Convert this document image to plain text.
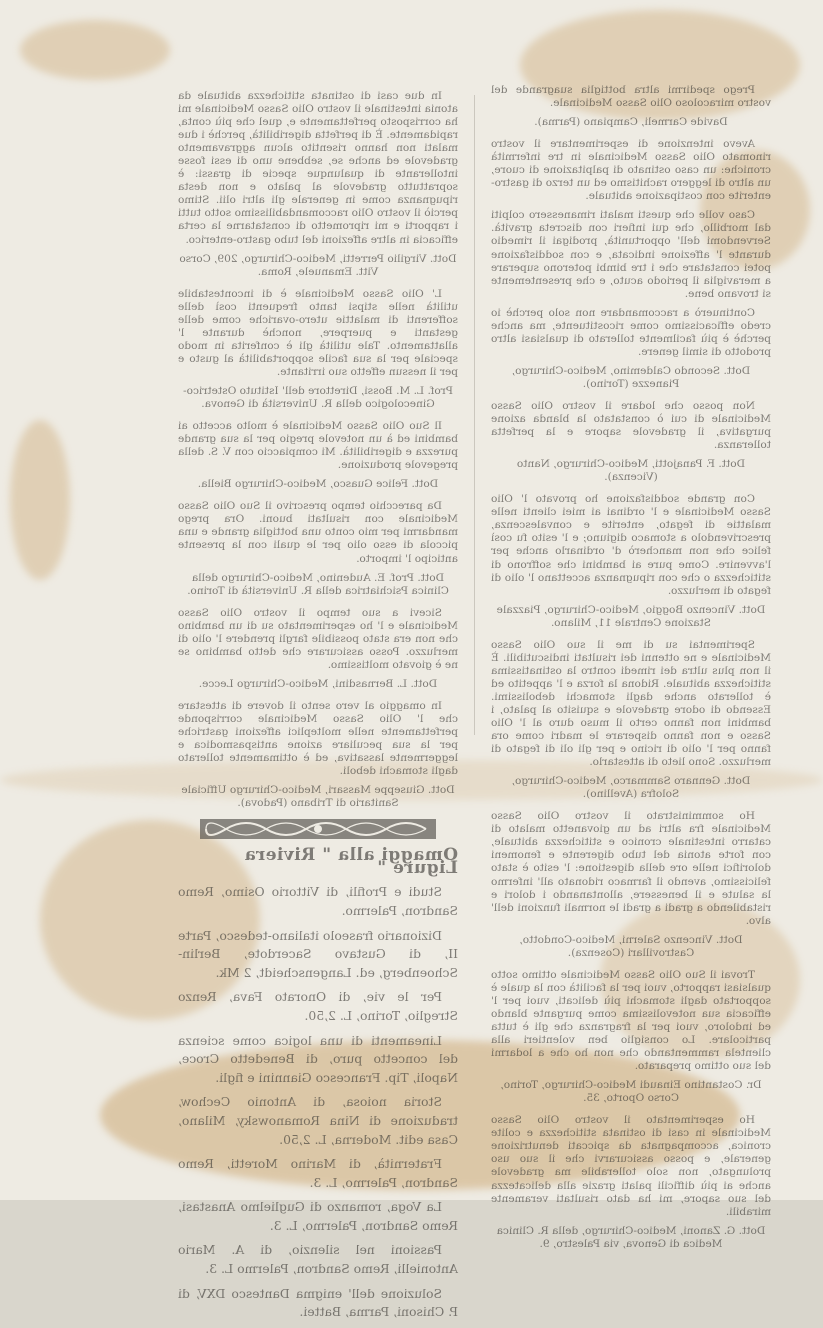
Prego spedirmi altra bottiglia suagrande del vostro miracoloso Olio Sasso Medicinale.

Davide Carmeli, Campiano (Parma).

Avevo intenzione di esperimentare il vostro rinomato Olio Sasso Medicinale in tre infermità croniche: un caso ostinato di palpitazione di cuore, un altro di leggero rachitismo ed un terzo di gastro-enterite con costipazione abituale.

Caso volle che questi malati rimanessero colpiti dal morbillo, che qui infieri con discreta gravità. Servendomi dell' opportunità, prodigai il rimedio durante l' affezione indicata, e con soddisfazione potei constatare che i tre bimbi poterono superare a meraviglia il periodo acuto, e che presentemente si trovano bene.

Continuerò a raccomandare non solo perchè io credo efficacissimo come ricostituente, ma anche perchè è più facilmente tollerato di qualsiasi altro prodotto di simil genere.

Dott. Secondo Caldemino, Medico-Chirurgo, Pianezze (Torino).

Non posso che lodare il vostro Olio Sasso Medicinale di cui ò constatato la blanda azione purgativa, il gradevole sapore e la perfetta tolleranza.

Dott. F. Panajotti, Medico-Chirurgo, Nanto (Vicenza).

Con grande soddisfazione ho provato l' Olio Sasso Medicinale e l' ordinai ai miei clienti nelle malattie di fegato, enterite e convalescenza, prescrivendolo a stomaco digiuno; e l' esito fu così felice che non mancherò d' ordinarlo anche per l'avvenire. Come pure ai bambini che soffrono di stitichezza o che con ripugnanza accettano l' olio di fegato di merluzzo.

Dott. Vincenzo Boggio, Medico-Chirurgo, Piazzale Stazione Centrale 11, Milano.

Sperimentai su di me il suo Olio Sasso Medicinale e ne ottenni dei risultati indiscutibili. È il non plus ultra dei rimedi contro la ostinatissima stitichezza abituale. Ridona la forza e l' appetito ed è tollerato anche dagli stomachi debolissimi. Essendo di odore gradevole e squisito al palato, i bambini non fanno certo il muso duro al l' Olio Sasso e non fanno disperare le madri come ora fanno per l' olio di ricino e per gli oli di fegato di merluzzo. Sono lieto di attestarlo.

Dott. Gennaro Sammarco, Medico-Chirurgo, Solofra (Avellino).

Ho somministrato il vostro Olio Sasso Medicinale fra altri ad un giovanetto malato di catarro intestinale cronico e stitichezza abituale, con forte atonia del tubo digerente e fenomeni dolorifici nelle ore della digestione: l' esito è stato felicissimo, avendo il farmaco ridonato all' infermo la salute e il benessere, allontanando i dolori e ristabilendo a gradi a gradi le normali funzioni dell' alvo.

Dott. Vincenzo Salerni, Medico-Condotto, Castrovillari (Cosenza).

Trovai il Suo Olio Sasso Medicinale ottimo sotto qualsiasi rapporto, vuoi per la facilità con la quale è sopportato dagli stomachi più delicati, vuoi per l' efficacia sua notevolissima come purgante blando ed indoloro, vuoi per la fragranza che gli è tutta particolare. Lo consiglio ben volentieri alla clientela rammentando che non ho che a lodarmi del suo ottimo preparato.

Dr. Costantino Einaudi Medico-Chirurgo, Torino, Corso Oporto, 35.

Ho esperimentato il vostro Olio Sasso Medicinale in casi di ostinata stitichezza e colite cronica, accompagnata da spiccati denutrizione generale, e posso assicurarvi che il suo uso prolungato, non solo tollerabile ma gradevole anche ai più difficili palati grazie alla delicatezza del suo sapore, mi ha dato risultati veramente mirabili.

Dott. G. Zanoni, Medico-Chirurgo, della R. Clinica Medica di Genova, via Palestro, 9.

In due casi di ostinata stitichezza abituale da atonia intestinale il vostro Olio Sasso Medicinale mi ha corrisposto perfettamente e, quel che più conta, rapidamente. È di perfetta digeribilità, perchè i due malati non hanno risentito alcun aggravamento gradevole ed anche se, sebbene uno di essi fosse intollerante di qualunque specie di grassi: è soprattutto gradevole al palato e non desta ripugnanza come in generale gli altri olii. Stimo perciò il vostro Olio raccomandabilissimo sotto tutti i rapporti e mi riprometto di constatarne la certa efficacia in altre affezioni del tubo gastro-enterico.

Dott. Virgilio Perretti, Medico-Chirurgo, 209, Corso Vitt. Emanuele, Roma.

L' Olio Sasso Medicinale è di incontestabile utilità nelle stipsi tanto frequenti così delle sofferenti di malattie utero-ovariche come delle gestanti e puerpere, nonchè durante l' allattamento. Tale utilità gli è conferita in modo speciale per la sua facile sopportabilità al gusto e per il nessun effetto suo irritante.

Prof. L. M. Bossi, Direttore dell' Istituto Ostetrico-Ginecologico della R. Università di Genova.

Il Suo Olio Sasso Medicinale è molto accetto ai bambini ed à un notevole pregio per la sua grande purezza e digeribilità. Mi compiaccio con V. S. della pregevole produzione.

Dott. Felice Guasco, Medico-Chirurgo Biella.

Da parecchio tempo prescrivo il Suo Olio Sasso Medicinale con risultati buoni. Ora prego mandarmi per mio conto una bottiglia grande e una piccola di esso olio per le quali con la presente anticipo l' importo.

Dott. Prof. E. Audenino, Medico-Chirurgo della Clinica Psichiatrica della R. Università di Torino.

Sicevi a suo tempo il vostro Olio Sasso Medicinale e l' ho esperimentato su di un bambino che non era stato possibile fargli prendere l' olio di merluzzo. Posso assicurare che detto bambino se ne è giovato moltissimo.

Dott. L. Bernasdini, Medico-Chirurgo Lecce.

In omaggio al vero sento il dovere di attestare che l' Olio Sasso Medicinale corrisponde perfettamente nelle molteplici affezioni gastriche per la sua peculiare azione antispasmodica e leggermente lassativa, ed è ottimamente tollerato dagli stomachi deboli.

Dott. Giuseppe Massari, Medico-Chirurgo Ufficiale Sanitario di Tribano (Padova).

Omaggi alla " Riviera Ligure "

Studi e Profili, di Vittorio Osimo, Remo Sandron, Palermo.

Dizionario fraseolo italiano-tedesco, Parte II, di Gustavo Sacerdote, Berlin-Schoenberg, ed. Langenscheidt, 2 Mk.

Per le vie, di Onorato Fava, Renzo Streglio, Torino, L. 2,50.

Lineamenti di una logica come scienza del concetto puro, di Benedetto Croce, Napoli, Tip. Francesco Giannini e figli.

Storia noiosa, di Antonio Cechow, traduzione di Nina Romanowsky, Milano, Casa edit. Moderna, L. 2,50.

Fraternità, di Marino Moretti, Remo Sandron, Palermo, L. 3.

La Voga, romanzo di Guglielmo Anastasi, Remo Sandron, Palermo, L. 3.

Passioni nel silenzio, di A. Mario Antonielli, Remo Sandron, Palermo L. 3.

Soluzione dell' enigma Dantesco DXV, di P. Chisoni, Parma, Battei.
